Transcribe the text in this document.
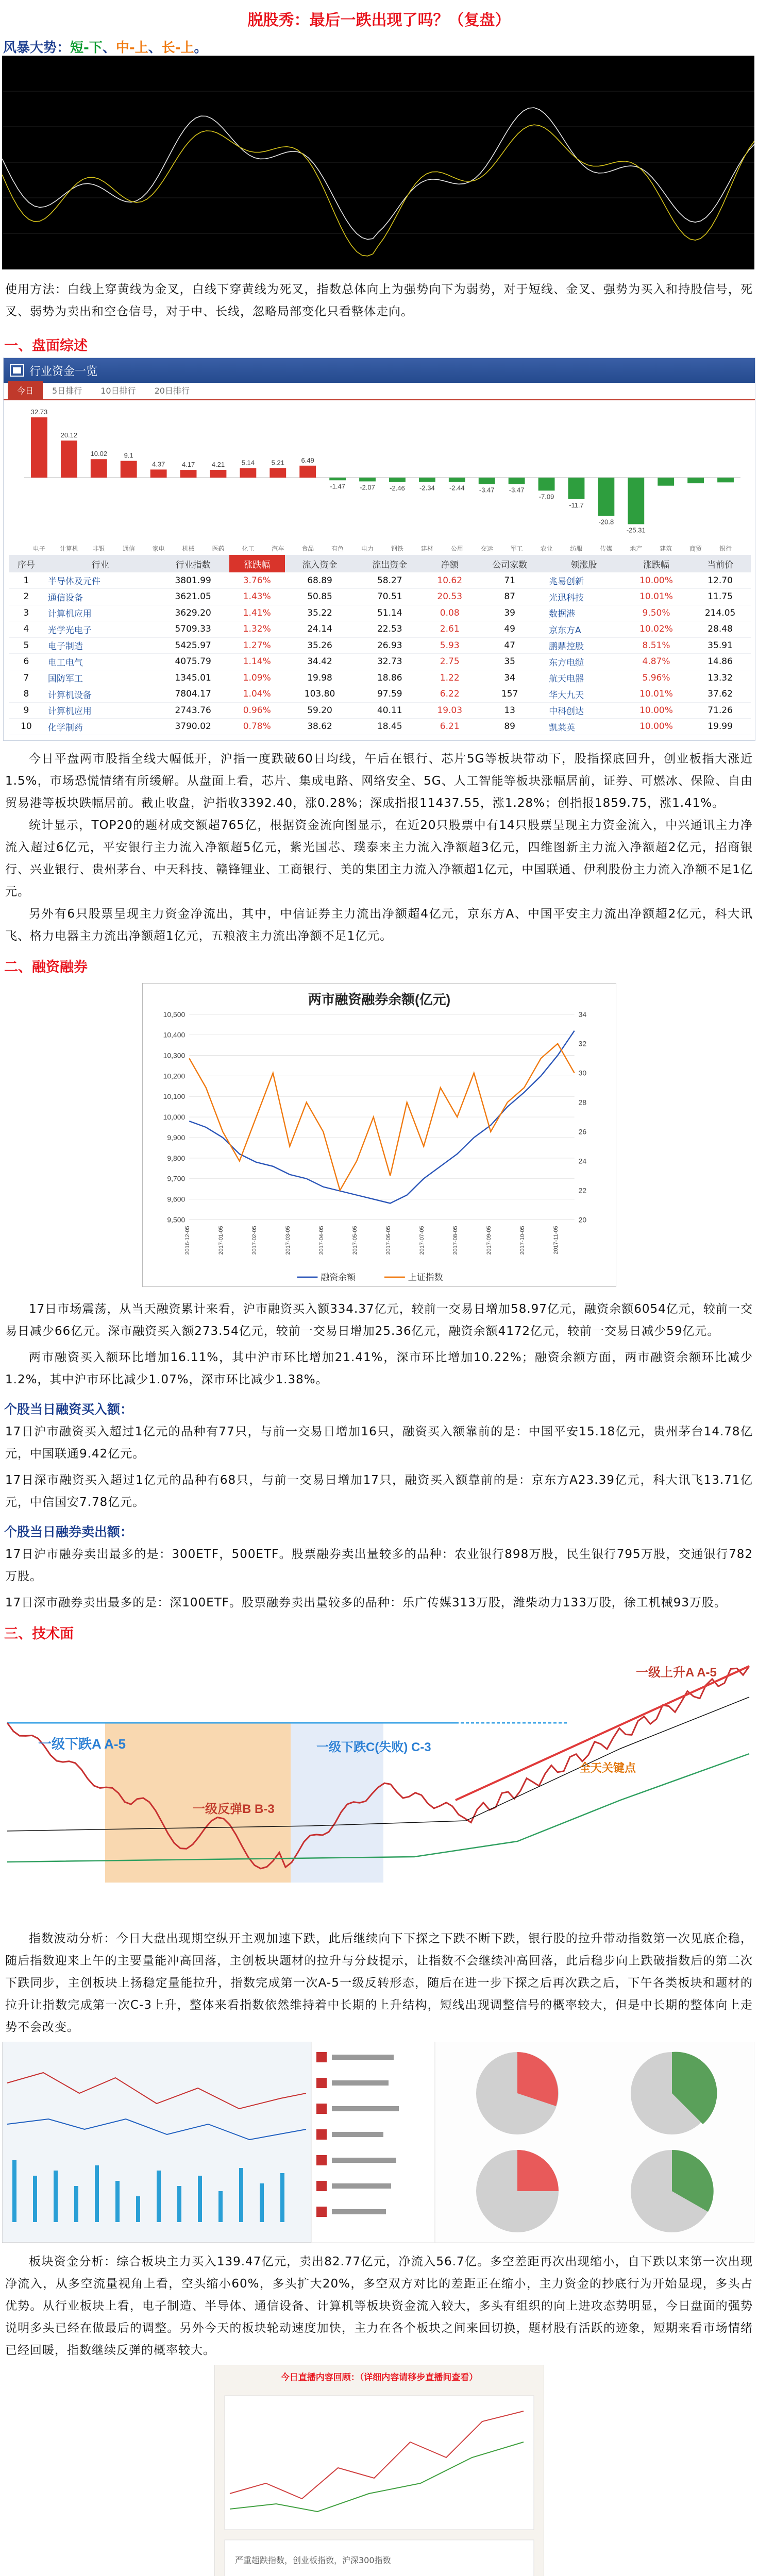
脱股秀：最后一跌出现了吗？（复盘）
风暴大势：短-下、中-上、长-上。
使用方法：白线上穿黄线为金叉，白线下穿黄线为死叉，指数总体向上为强势向下为弱势，对于短线、金叉、强势为买入和持股信号，死叉、弱势为卖出和空仓信号，对于中、长线，忽略局部变化只看整体走向。
一、盘面综述
行业资金一览
今日	5日排行	10日排行	20日排行
32.73
电子
20.12
计算机
10.02
非银
9.1
通信
4.37
家电
4.17
机械
4.21
医药
5.14
化工
5.21
汽车
6.49
食品
-1.47
有色
-2.07
电力
-2.46
钢铁
-2.34
建材
-2.44
公用
-3.47
交运
-3.47
军工
-7.09
农业
-11.7
纺服
-20.8
传媒
-25.31
地产	建筑	商贸	银行
序号	行业	行业指数	涨跌幅	流入资金	流出资金	净额	公司家数	领涨股	涨跌幅	当前价
1	半导体及元件	3801.99	3.76%	68.89	58.27	10.62	71	兆易创新	10.00%	12.70
2	通信设备	3621.05	1.43%	50.85	70.51	20.53	87	光迅科技	10.01%	11.75
3	计算机应用	3629.20	1.41%	35.22	51.14	0.08	39	数据港	9.50%	214.05
4	光学光电子	5709.33	1.32%	24.14	22.53	2.61	49	京东方A	10.02%	28.48
5	电子制造	5425.97	1.27%	35.26	26.93	5.93	47	鹏鼎控股	8.51%	35.91
6	电工电气	4075.79	1.14%	34.42	32.73	2.75	35	东方电缆	4.87%	14.86
7	国防军工	1345.01	1.09%	19.98	18.86	1.22	34	航天电器	5.96%	13.32
8	计算机设备	7804.17	1.04%	103.80	97.59	6.22	157	华大九天	10.01%	37.62
9	计算机应用	2743.76	0.96%	59.20	40.11	19.03	13	中科创达	10.00%	71.26
10	化学制药	3790.02	0.78%	38.62	18.45	6.21	89	凯莱英	10.00%	19.99
今日平盘两市股指全线大幅低开，沪指一度跌破60日均线，午后在银行、芯片5G等板块带动下，股指探底回升，创业板指大涨近1.5%，市场恐慌情绪有所缓解。从盘面上看，芯片、集成电路、网络安全、5G、人工智能等板块涨幅居前，证券、可燃冰、保险、自由贸易港等板块跌幅居前。截止收盘，沪指收3392.40，涨0.28%；深成指报11437.55，涨1.28%；创指报1859.75，涨1.41%。
统计显示，TOP20的题材成交额超765亿，根据资金流向图显示，在近20只股票中有14只股票呈现主力资金流入，中兴通讯主力净流入超过6亿元，平安银行主力流入净额超5亿元，紫光国芯、璞泰来主力流入净额超3亿元，四维图新主力流入净额超2亿元，招商银行、兴业银行、贵州茅台、中天科技、赣锋锂业、工商银行、美的集团主力流入净额超1亿元，中国联通、伊利股份主力流入净额不足1亿元。
另外有6只股票呈现主力资金净流出，其中，中信证券主力流出净额超4亿元，京东方A、中国平安主力流出净额超2亿元，科大讯飞、格力电器主力流出净额超1亿元，五粮液主力流出净额不足1亿元。
二、融资融券
两市融资融券余额(亿元)
10,500
10,400
10,300
10,200
10,100
10,000
9,900
9,800
9,700
9,600
9,500
34
32
30
28
26
24
22
20
2016-12-05	2017-01-05	2017-02-05	2017-03-05	2017-04-05	2017-05-05	2017-06-05	2017-07-05	2017-08-05	2017-09-05	2017-10-05	2017-11-05
融资余额	上证指数
17日市场震荡，从当天融资累计来看，沪市融资买入额334.37亿元，较前一交易日增加58.97亿元，融资余额6054亿元，较前一交易日减少66亿元。深市融资买入额273.54亿元，较前一交易日增加25.36亿元，融资余额4172亿元，较前一交易日减少59亿元。
两市融资买入额环比增加16.11%，其中沪市环比增加21.41%，深市环比增加10.22%；融资余额方面，两市融资余额环比减少1.2%，其中沪市环比减少1.07%，深市环比减少1.38%。
个股当日融资买入额：
17日沪市融资买入超过1亿元的品种有77只，与前一交易日增加16只，融资买入额靠前的是：中国平安15.18亿元，贵州茅台14.78亿元，中国联通9.42亿元。
17日深市融资买入超过1亿元的品种有68只，与前一交易日增加17只，融资买入额靠前的是：京东方A23.39亿元，科大讯飞13.71亿元，中信国安7.78亿元。
个股当日融券卖出额：
17日沪市融券卖出最多的是：300ETF，500ETF。股票融券卖出量较多的品种：农业银行898万股，民生银行795万股，交通银行782万股。
17日深市融券卖出最多的是：深100ETF。股票融券卖出量较多的品种：乐广传媒313万股，潍柴动力133万股，徐工机械93万股。
三、技术面
一级下跌A A-5
一级反弹B B-3
一级下跌C(失败) C-3
一级上升A A-5
全天关键点
指数波动分析：今日大盘出现期空纵开主观加速下跌，此后继续向下下探之下跌不断下跌，银行股的拉升带动指数第一次见底企稳，随后指数迎来上午的主要量能冲高回落，主创板块题材的拉升与分歧提示，让指数不会继续冲高回落，此后稳步向上跌破指数后的第二次下跌同步，主创板块上扬稳定量能拉升，指数完成第一次A-5一级反转形态，随后在进一步下探之后再次跌之后，下午各类板块和题材的拉升让指数完成第一次C-3上升，整体来看指数依然维持着中长期的上升结构，短线出现调整信号的概率较大，但是中长期的整体向上走势不会改变。
板块资金分析：综合板块主力买入139.47亿元，卖出82.77亿元，净流入56.7亿。多空差距再次出现缩小，自下跌以来第一次出现净流入，从多空流量视角上看，空头缩小60%，多头扩大20%，多空双方对比的差距正在缩小，主力资金的抄底行为开始显现，多头占优势。从行业板块上看，电子制造、半导体、通信设备、计算机等板块资金流入较大，多头有组织的向上进攻态势明显，今日盘面的强势说明多头已经在做最后的调整。另外今天的板块轮动速度加快，主力在各个板块之间来回切换，题材股有活跃的迹象，短期来看市场情绪已经回暖，指数继续反弹的概率较大。
今日直播内容回顾：（详细内容请移步直播间查看）
严重超跌指数，创业板指数，沪深300指数
